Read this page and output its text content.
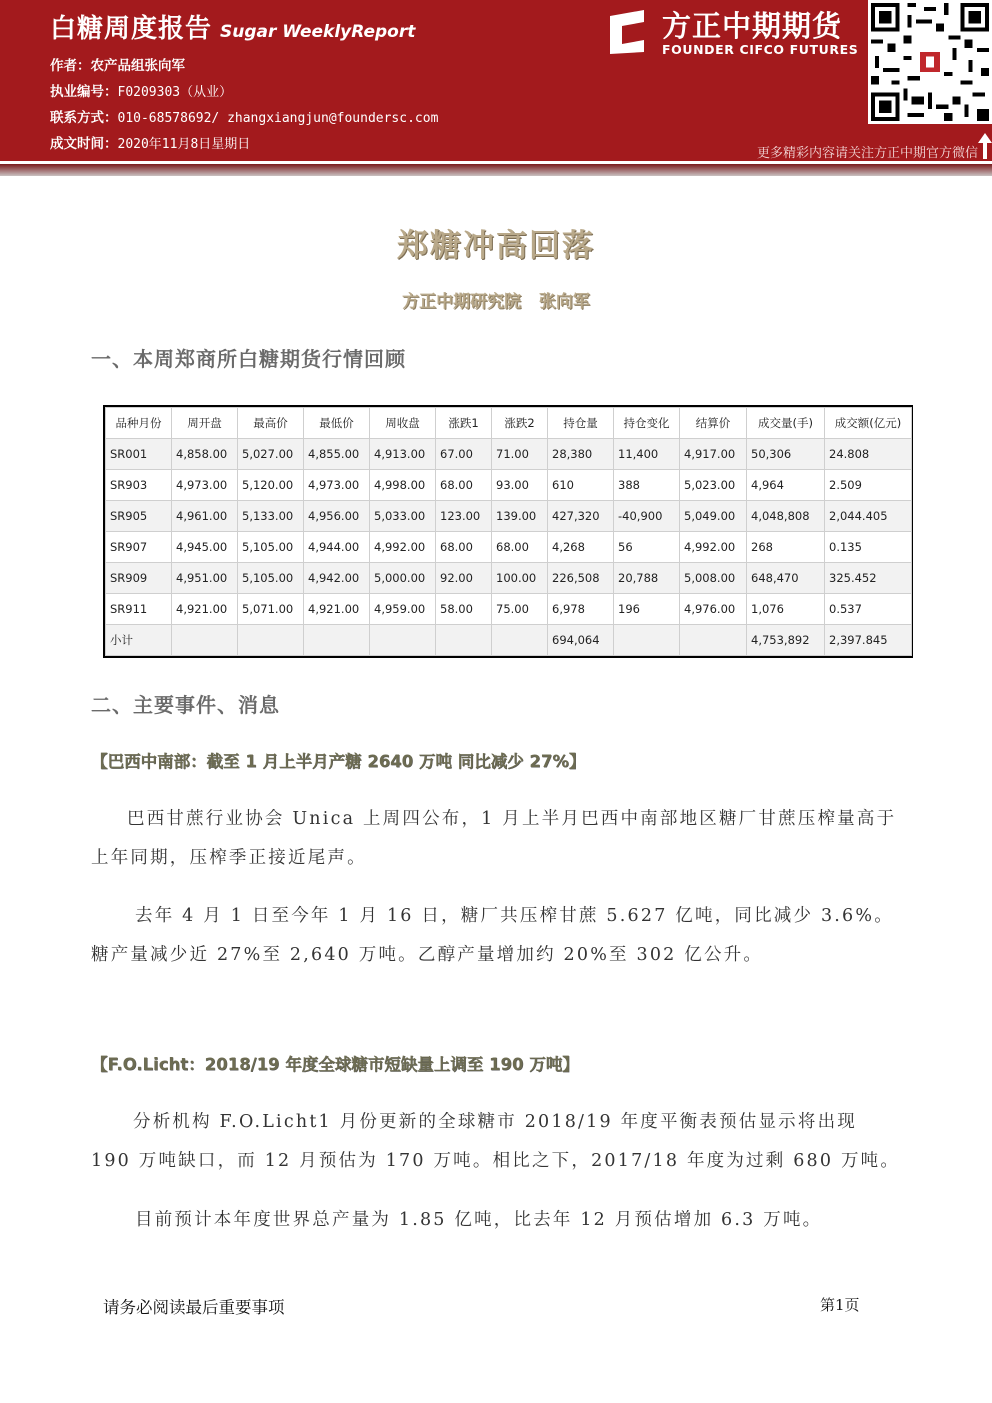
白糖周度报告 Sugar WeeklyReport
作者：农产品组张向军
执业编号：F0209303（从业）
联系方式：010-68578692/ zhangxiangjun@foundersc.com
成文时间：2020年11月8日星期日
方正中期期货
FOUNDER CIFCO FUTURES
更多精彩内容请关注方正中期官方微信
郑糖冲高回落
方正中期研究院   张向军
一、本周郑商所白糖期货行情回顾
品种月份	周开盘	最高价	最低价	周收盘	涨跌1	涨跌2	持仓量	持仓变化	结算价	成交量(手)	成交额(亿元)
SR001	4,858.00	5,027.00	4,855.00	4,913.00	67.00	71.00	28,380	11,400	4,917.00	50,306	24.808
SR903	4,973.00	5,120.00	4,973.00	4,998.00	68.00	93.00	610	388	5,023.00	4,964	2.509
SR905	4,961.00	5,133.00	4,956.00	5,033.00	123.00	139.00	427,320	-40,900	5,049.00	4,048,808	2,044.405
SR907	4,945.00	5,105.00	4,944.00	4,992.00	68.00	68.00	4,268	56	4,992.00	268	0.135
SR909	4,951.00	5,105.00	4,942.00	5,000.00	92.00	100.00	226,508	20,788	5,008.00	648,470	325.452
SR911	4,921.00	5,071.00	4,921.00	4,959.00	58.00	75.00	6,978	196	4,976.00	1,076	0.537
小计							694,064			4,753,892	2,397.845
二、主要事件、消息
【巴西中南部：截至 1 月上半月产糖 2640 万吨 同比减少 27%】
巴西甘蔗行业协会 Unica 上周四公布，1 月上半月巴西中南部地区糖厂甘蔗压榨量高于上年同期，压榨季正接近尾声。
去年 4 月 1 日至今年 1 月 16 日，糖厂共压榨甘蔗 5.627 亿吨，同比减少 3.6%。糖产量减少近 27%至 2,640 万吨。乙醇产量增加约 20%至 302 亿公升。
【F.O.Licht：2018/19 年度全球糖市短缺量上调至 190 万吨】
分析机构 F.O.Licht1 月份更新的全球糖市 2018/19 年度平衡表预估显示将出现 190 万吨缺口，而 12 月预估为 170 万吨。相比之下，2017/18 年度为过剩 680 万吨。
目前预计本年度世界总产量为 1.85 亿吨，比去年 12 月预估增加 6.3 万吨。
请务必阅读最后重要事项	第1页
